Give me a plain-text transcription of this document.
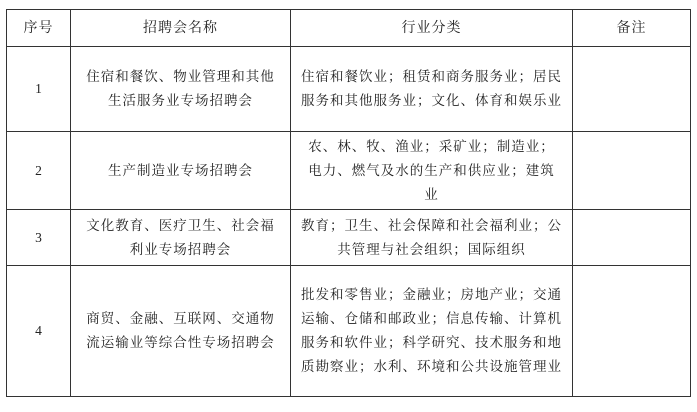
序号	招聘会名称	行业分类	备注
1	住宿和餐饮、物业管理和其他生活服务业专场招聘会	住宿和餐饮业；租赁和商务服务业；居民服务和其他服务业；文化、体育和娱乐业	

2	生产制造业专场招聘会	农、林、牧、渔业；采矿业；制造业；电力、燃气及水的生产和供应业；建筑业	

3	文化教育、医疗卫生、社会福利业专场招聘会	教育；卫生、社会保障和社会福利业；公共管理与社会组织；国际组织	

4	商贸、金融、互联网、交通物流运输业等综合性专场招聘会	批发和零售业；金融业；房地产业；交通运输、仓储和邮政业；信息传输、计算机服务和软件业；科学研究、技术服务和地质勘察业；水利、环境和公共设施管理业	
